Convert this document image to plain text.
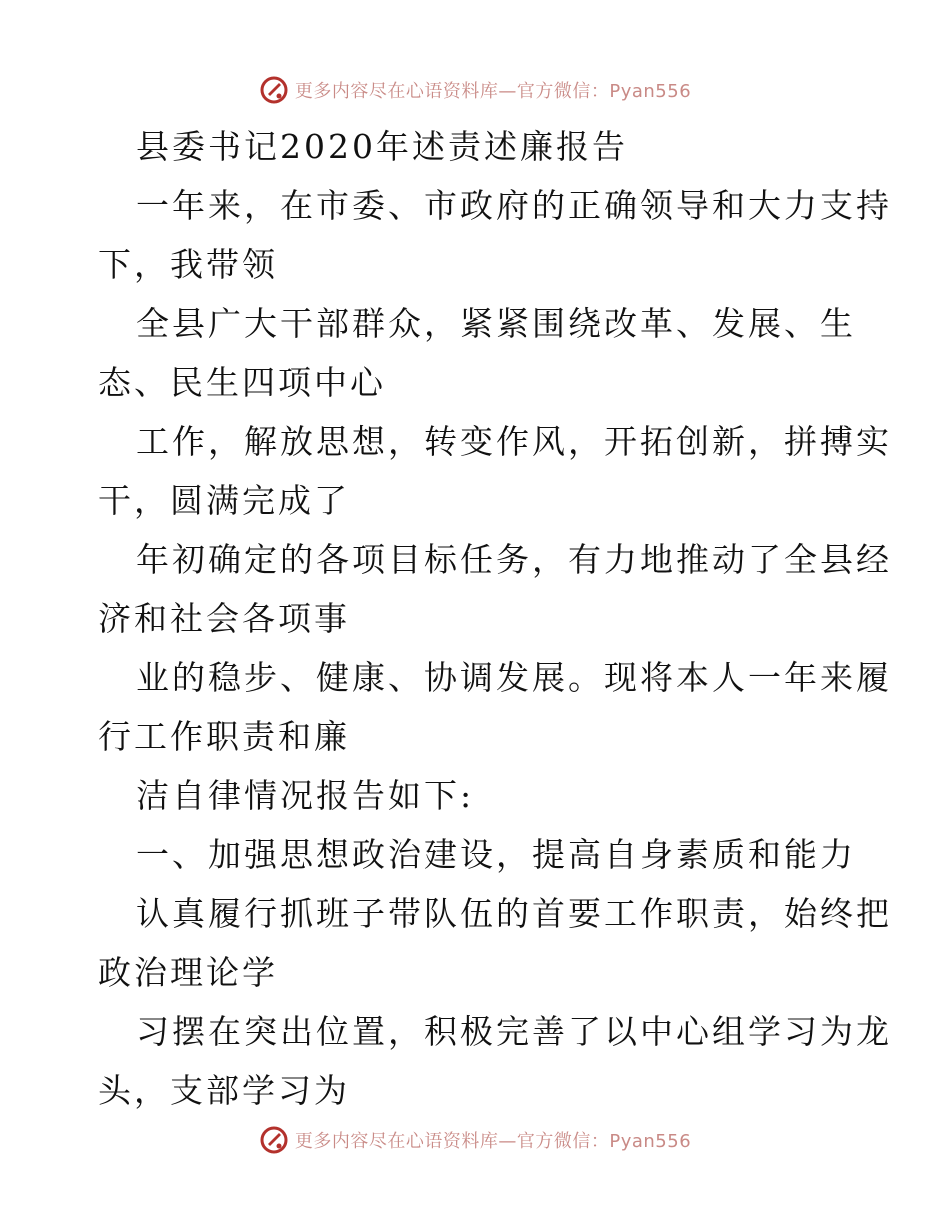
更多内容尽在心语资料库—官方微信：Pyan556

县委书记2020年述责述廉报告

一年来，在市委、市政府的正确领导和大力支持

下，我带领

全县广大干部群众，紧紧围绕改革、发展、生

态、民生四项中心

工作，解放思想，转变作风，开拓创新，拼搏实

干，圆满完成了

年初确定的各项目标任务，有力地推动了全县经

济和社会各项事

业的稳步、健康、协调发展。现将本人一年来履

行工作职责和廉

洁自律情况报告如下:

一、加强思想政治建设，提高自身素质和能力

认真履行抓班子带队伍的首要工作职责，始终把

政治理论学

习摆在突出位置，积极完善了以中心组学习为龙

头，支部学习为

更多内容尽在心语资料库—官方微信：Pyan556
